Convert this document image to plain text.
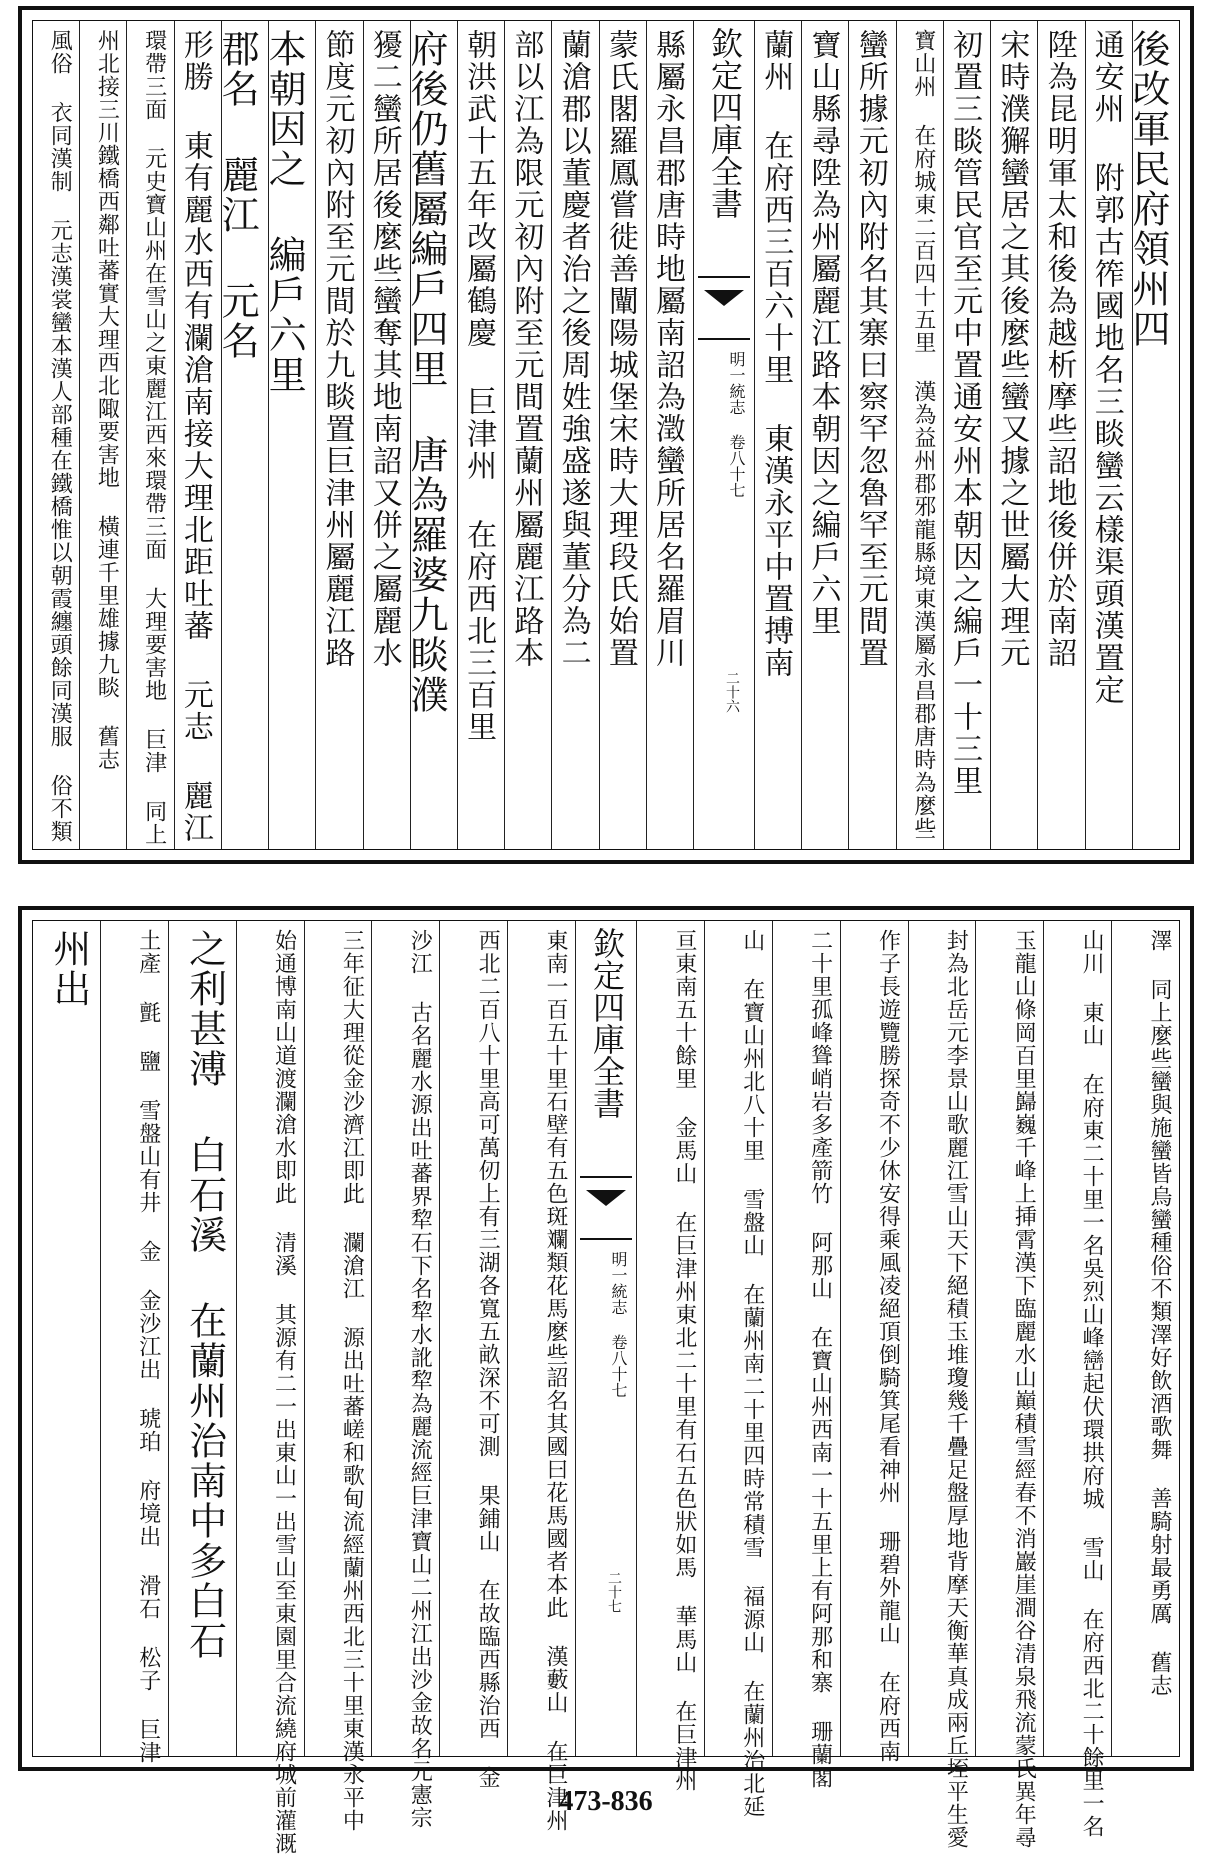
後改軍民府領州四
通安州 附郭古筰國地名三睒蠻云樣渠頭漢置定
陞為昆明軍太和後為越析摩些詔地後併於南詔
宋時濮獬蠻居之其後麼些蠻又據之世屬大理元
初置三睒管民官至元中置通安州本朝因之編戶一十三里
寶山州 在府城東二百四十五里 漢為益州郡邪龍縣境東漢屬永昌郡唐時為麼些
蠻所據元初內附名其寨曰察罕忽魯罕至元間置
寶山縣尋陞為州屬麗江路本朝因之編戶六里
蘭州 在府西三百六十里 東漢永平中置搏南
欽定四庫全書
明一統志 卷八十七
二十六
縣屬永昌郡唐時地屬南詔為澂蠻所居名羅眉川
蒙氏閣羅鳳嘗徙善闡陽城堡宋時大理段氏始置
蘭滄郡以董慶者治之後周姓強盛遂與董分為二
部以江為限元初內附至元間置蘭州屬麗江路本
朝洪武十五年改屬鶴慶 巨津州 在府西北三百里
府後仍舊屬編戶四里 唐為羅婆九睒濮
獶二蠻所居後麼些蠻奪其地南詔又併之屬麗水
節度元初內附至元間於九睒置巨津州屬麗江路
本朝因之 編戶六里
郡名 麗江 元名
形勝 東有麗水西有瀾滄南接大理北距吐蕃 元志 麗江
環帶三面 元史寶山州在雪山之東麗江西來環帶三面 大理要害地 巨津 同上
州北接三川鐵橋西鄰吐蕃實大理西北陬要害地 橫連千里雄據九睒 舊志
風俗 衣同漢制 元志漢裳蠻本漢人部種在鐵橋惟以朝霞纏頭餘同漢服 俗不類
澤 同上麼些蠻與施蠻皆烏蠻種俗不類澤好飲酒歌舞 善騎射最勇厲 舊志
山川 東山 在府東二十里一名吳烈山峰巒起伏環拱府城 雪山 在府西北二十餘里一名
玉龍山條岡百里巋巍千峰上挿霄漢下臨麗水山巔積雪經春不消巖崖澗谷清泉飛流蒙氏異年尋
封為北岳元李景山歌麗江雪山天下絕積玉堆瓊幾千疊足盤厚地背摩天衡華真成兩丘垤平生愛
作子長遊覽勝探奇不少休安得乘風凌絕頂倒騎箕尾看神州 珊碧外龍山 在府西南
二十里孤峰聳峭岩多產箭竹 阿那山 在寶山州西南一十五里上有阿那和寨 珊蘭閣
山 在寶山州北八十里 雪盤山 在蘭州南二十里四時常積雪 福源山 在蘭州治北延
亘東南五十餘里 金馬山 在巨津州東北二十里有石五色狀如馬 華馬山 在巨津州
欽定四庫全書
明一統志 卷八十七
二十七
東南一百五十里石壁有五色斑斕類花馬麼些詔名其國曰花馬國者本此 漢藪山 在巨津州
西北二百八十里高可萬仞上有三湖各寬五畝深不可測 果鋪山 在故臨西縣治西 金
沙江 古名麗水源出吐蕃界犂石下名犂水訛犂為麗流經巨津寶山二州江出沙金故名元憲宗
三年征大理從金沙濟江即此 瀾滄江 源出吐蕃嵯和歌甸流經蘭州西北三十里東漢永平中
始通博南山道渡瀾滄水即此 清溪 其源有二一出東山一出雪山至東園里合流繞府城前灌溉
之利甚溥 白石溪 在蘭州治南中多白石
土產 氈 鹽 雪盤山有井 金 金沙江出 琥珀 府境出 滑石 松子 巨津
州出
473-836
